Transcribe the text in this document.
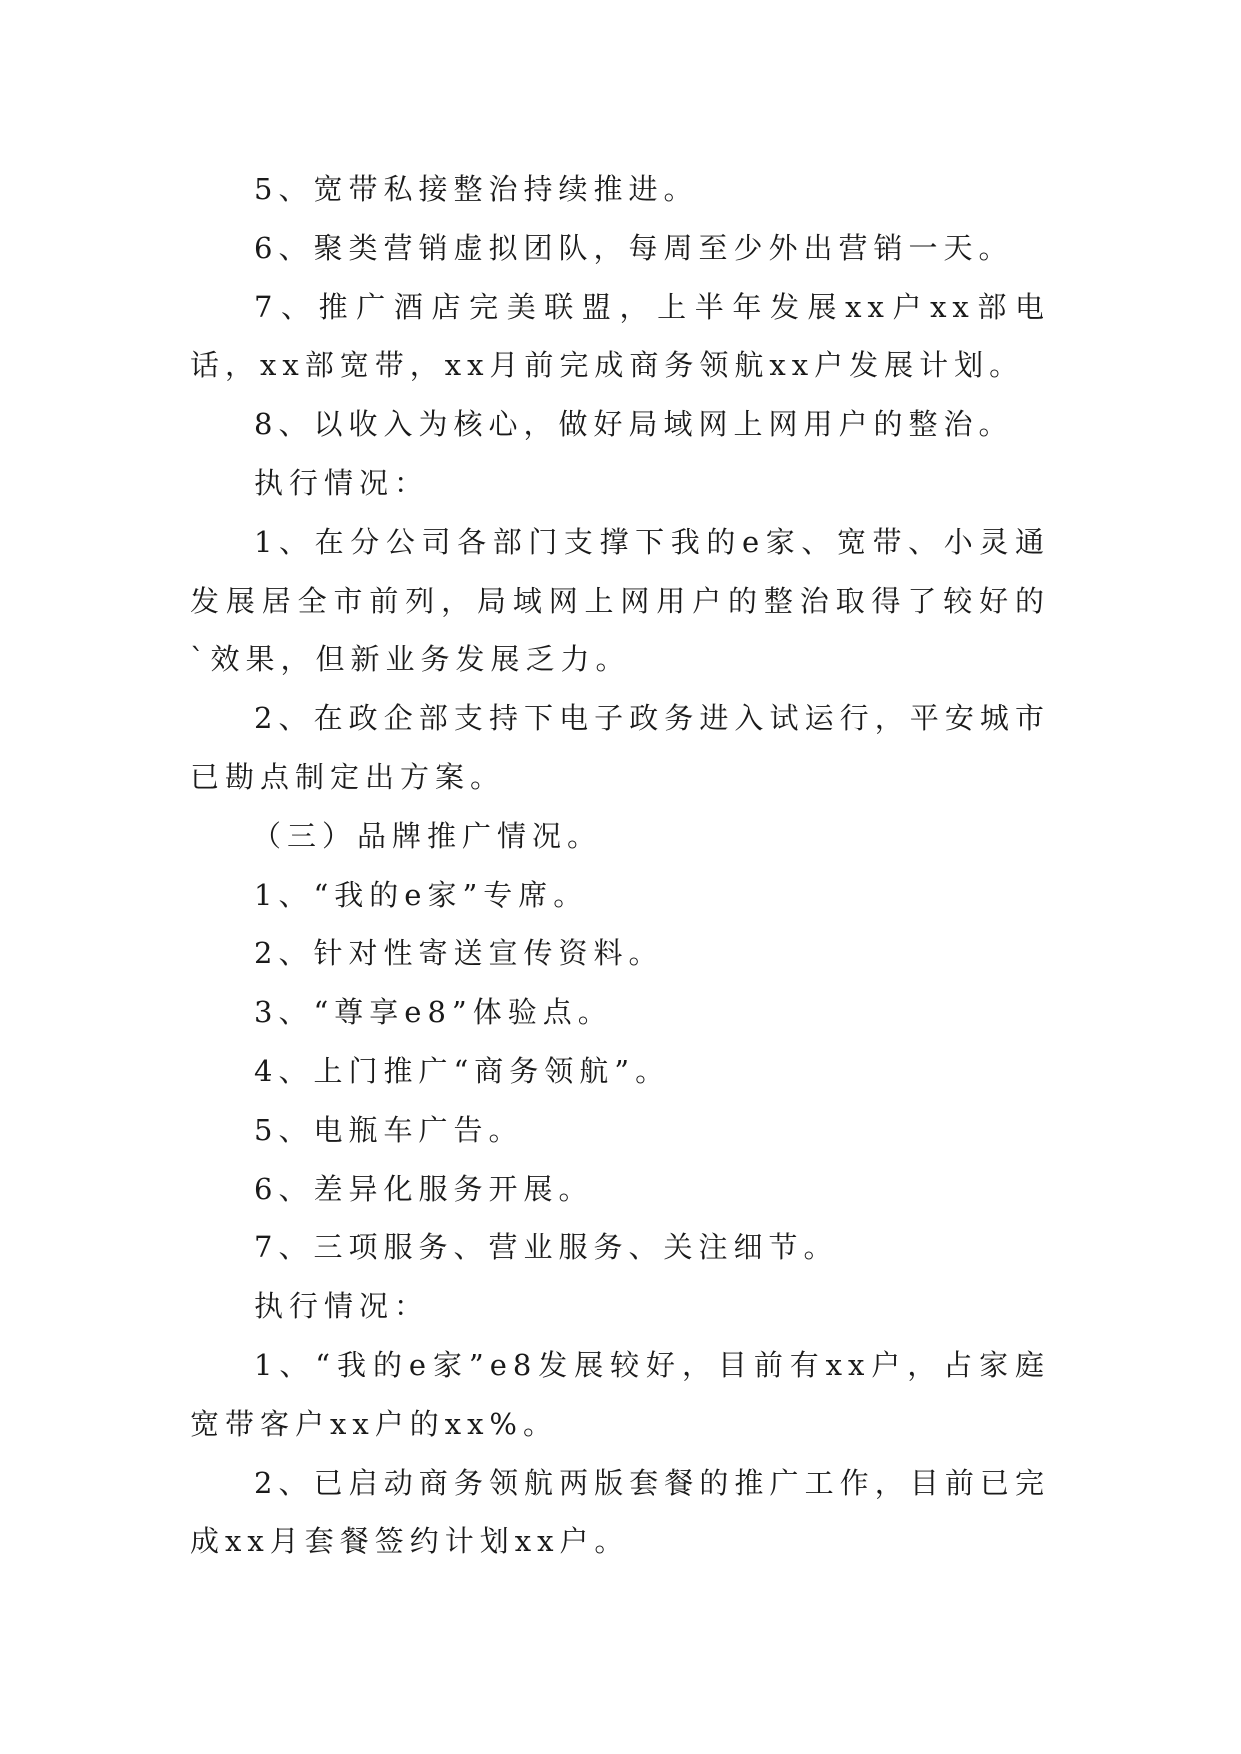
5、宽带私接整治持续推进。

6、聚类营销虚拟团队，每周至少外出营销一天。

7、推广酒店完美联盟，上半年发展xx户xx部电话，xx部宽带，xx月前完成商务领航xx户发展计划。

8、以收入为核心，做好局域网上网用户的整治。

执行情况：

1、在分公司各部门支撑下我的e家、宽带、小灵通发展居全市前列，局域网上网用户的整治取得了较好的`效果，但新业务发展乏力。

2、在政企部支持下电子政务进入试运行，平安城市已勘点制定出方案。

（三）品牌推广情况。

1、“我的e家”专席。

2、针对性寄送宣传资料。

3、“尊享e8”体验点。

4、上门推广“商务领航”。

5、电瓶车广告。

6、差异化服务开展。

7、三项服务、营业服务、关注细节。

执行情况：

1、“我的e家”e8发展较好，目前有xx户，占家庭宽带客户xx户的xx%。

2、已启动商务领航两版套餐的推广工作，目前已完成xx月套餐签约计划xx户。
